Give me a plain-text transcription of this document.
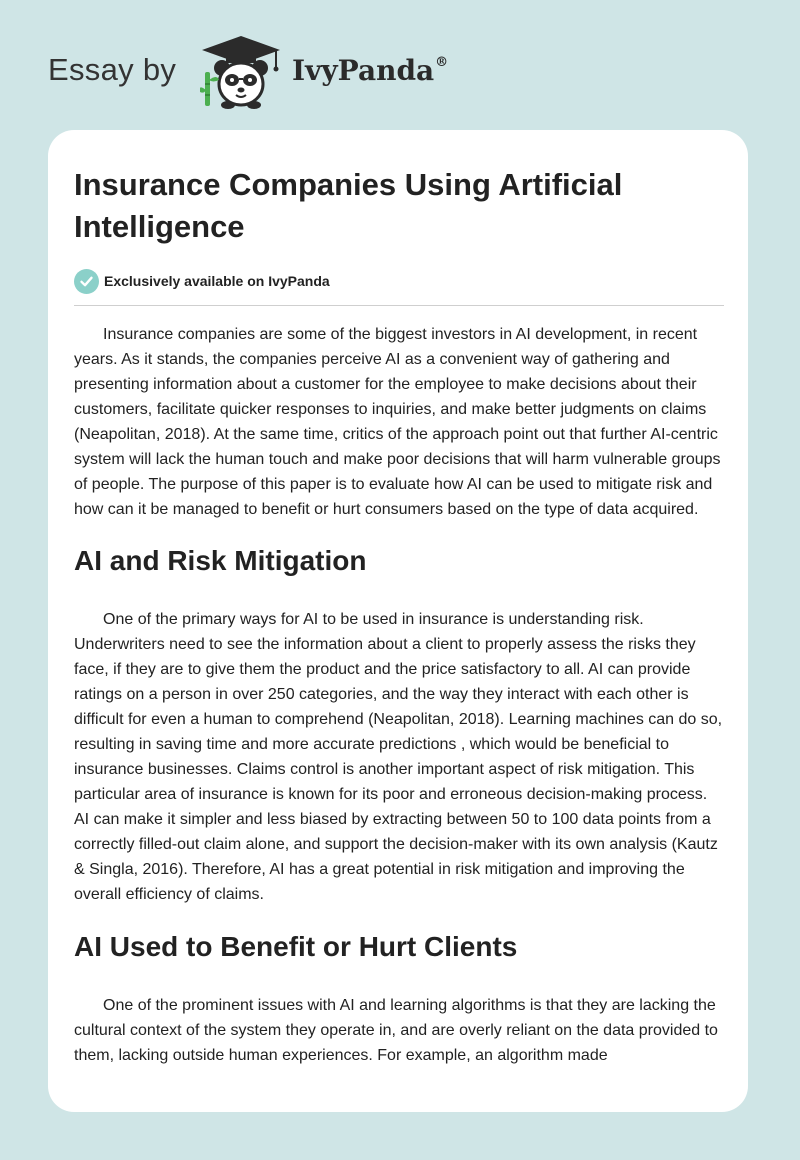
Essay by	IvyPanda®
Insurance Companies Using Artificial Intelligence
Exclusively available on IvyPanda

Insurance companies are some of the biggest investors in AI development, in recent years. As it stands, the companies perceive AI as a convenient way of gathering and presenting information about a customer for the employee to make decisions about their customers, facilitate quicker responses to inquiries, and make better judgments on claims (Neapolitan, 2018). At the same time, critics of the approach point out that further AI-centric system will lack the human touch and make poor decisions that will harm vulnerable groups of people. The purpose of this paper is to evaluate how AI can be used to mitigate risk and how can it be managed to benefit or hurt consumers based on the type of data acquired.

AI and Risk Mitigation

One of the primary ways for AI to be used in insurance is understanding risk. Underwriters need to see the information about a client to properly assess the risks they face, if they are to give them the product and the price satisfactory to all. AI can provide ratings on a person in over 250 categories, and the way they interact with each other is difficult for even a human to comprehend (Neapolitan, 2018). Learning machines can do so, resulting in saving time and more accurate predictions , which would be beneficial to insurance businesses. Claims control is another important aspect of risk mitigation. This particular area of insurance is known for its poor and erroneous decision-making process. AI can make it simpler and less biased by extracting between 50 to 100 data points from a correctly filled-out claim alone, and support the decision-maker with its own analysis (Kautz & Singla, 2016). Therefore, AI has a great potential in risk mitigation and improving the overall efficiency of claims.

AI Used to Benefit or Hurt Clients

One of the prominent issues with AI and learning algorithms is that they are lacking the cultural context of the system they operate in, and are overly reliant on the data provided to them, lacking outside human experiences. For example, an algorithm made
